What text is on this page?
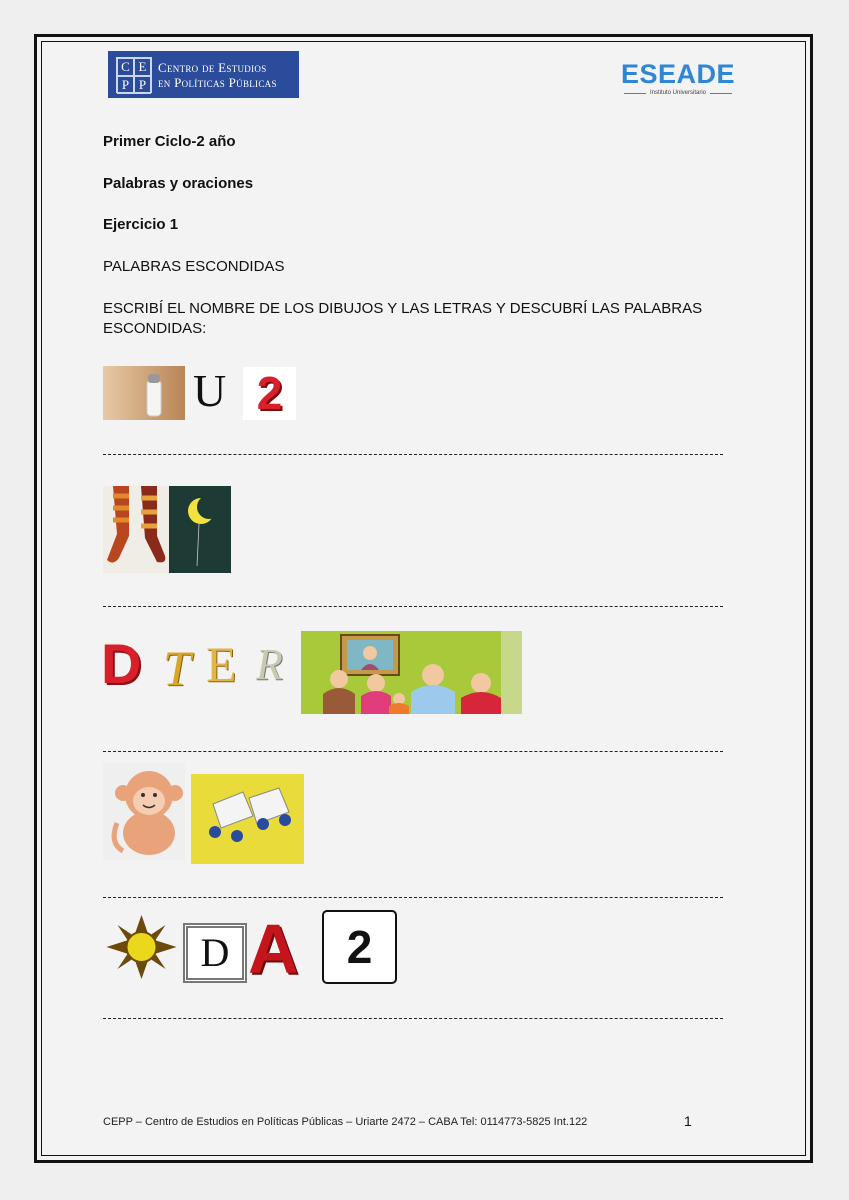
C E
P P
Centro de Estudios
en Políticas Públicas	ESEADE
Instituto Universitario
Primer Ciclo-2 año
Palabras y oraciones
Ejercicio 1
PALABRAS ESCONDIDAS
ESCRIBÍ EL NOMBRE DE LOS DIBUJOS Y LAS LETRAS Y DESCUBRÍ LAS PALABRAS ESCONDIDAS:
U 2
D T E R
D A	2
CEPP – Centro de Estudios en Políticas Públicas – Uriarte 2472 – CABA Tel: 0114773-5825 Int.122	1
